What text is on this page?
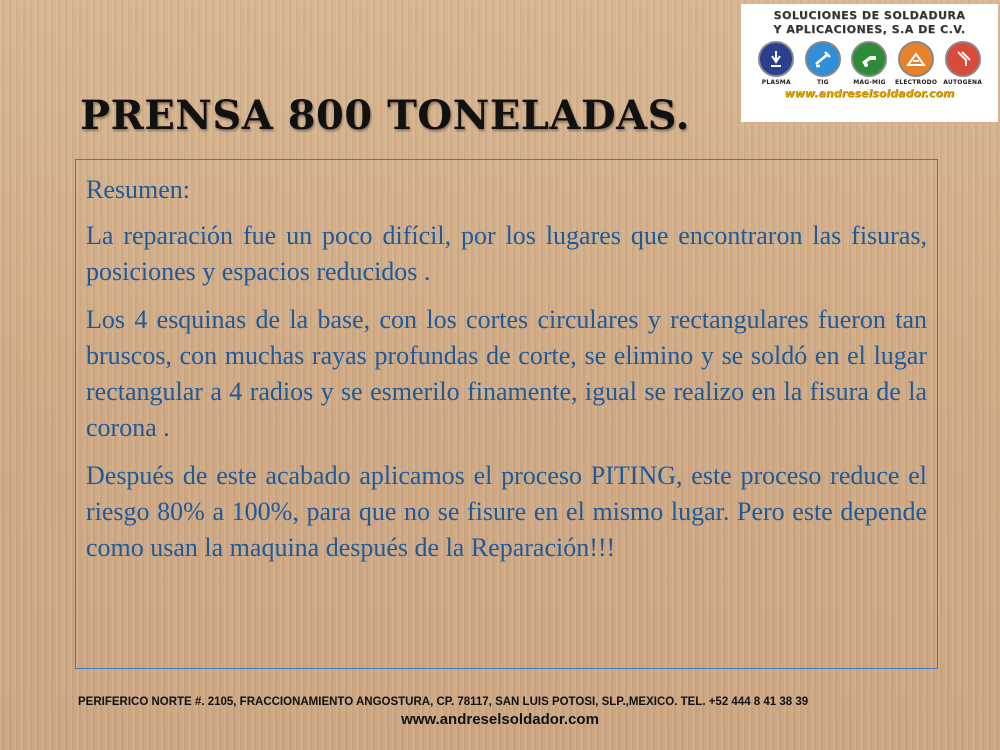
PRENSA 800 TONELADAS.
SOLUCIONES DE SOLDADURA
Y APLICACIONES, S.A DE C.V.
PLASMA	TIG	MAG-MIG ELECTRODO AUTOGENA
www.andreselsoldador.com

Resumen:

La reparación fue un poco difícil, por los lugares que encontraron las fisuras, posiciones y espacios reducidos .

Los 4 esquinas de la base, con los cortes circulares y rectangulares fueron tan bruscos, con muchas rayas profundas de corte, se elimino y se soldó en el lugar rectangular a 4 radios y se esmerilo finamente, igual se realizo en la fisura de la corona .

Después de este acabado aplicamos el proceso PITING, este proceso reduce el riesgo 80% a 100%, para que no se fisure en el mismo lugar. Pero este depende como usan la maquina después de la Reparación!!!

PERIFERICO NORTE #. 2105, FRACCIONAMIENTO ANGOSTURA, CP. 78117, SAN LUIS POTOSI, SLP.,MEXICO. TEL. +52 444 8 41 38 39
www.andreselsoldador.com
